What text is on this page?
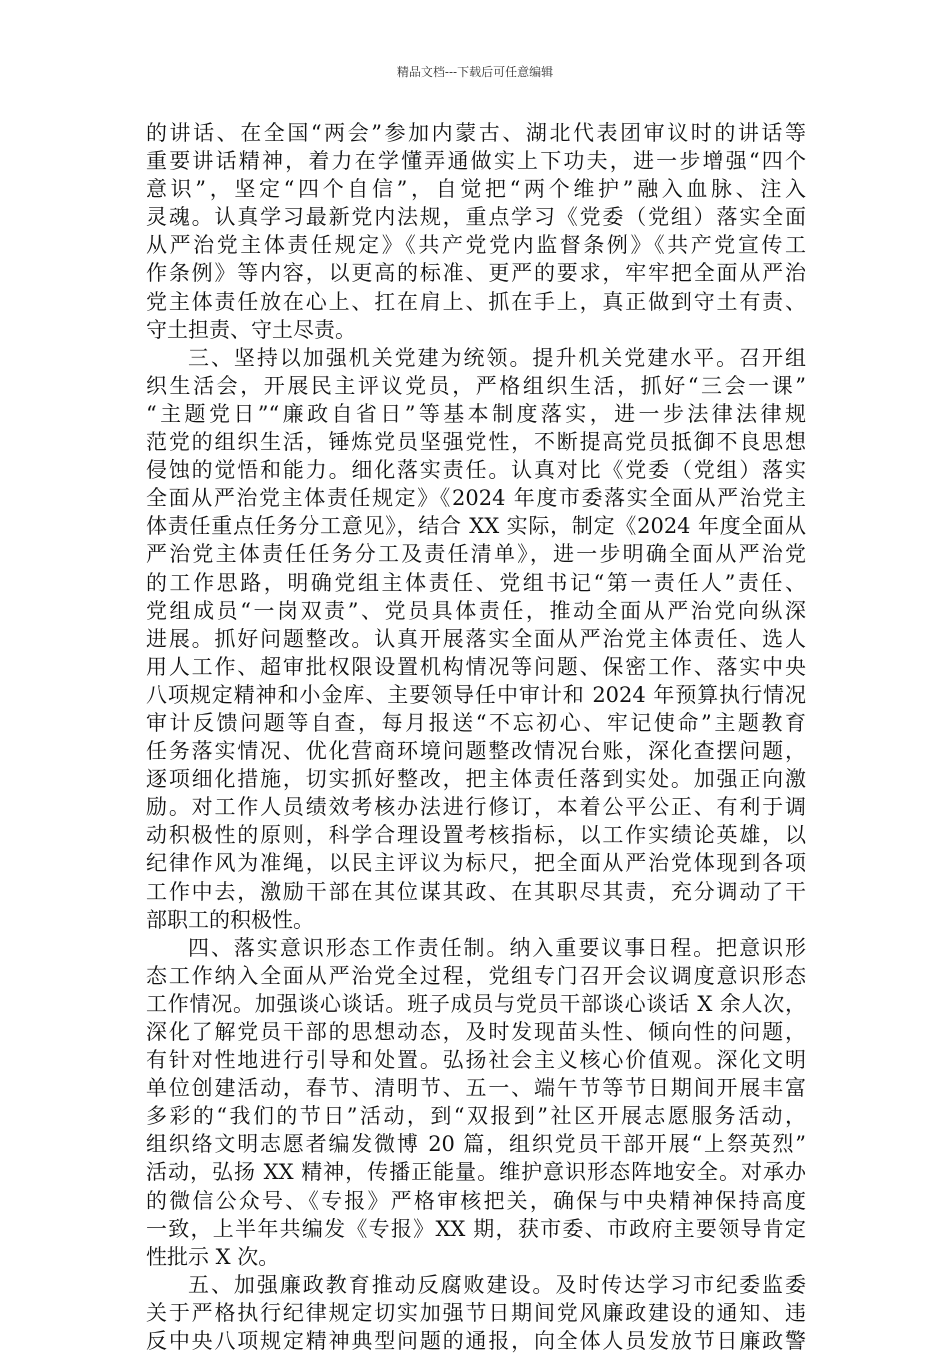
精品文档---下载后可任意编辑
的讲话、在全国“两会”参加内蒙古、湖北代表团审议时的讲话等
重要讲话精神，着力在学懂弄通做实上下功夫，进一步增强“四个
意识”，坚定“四个自信”，自觉把“两个维护”融入血脉、注入
灵魂。认真学习最新党内法规，重点学习《党委（党组）落实全面
从严治党主体责任规定》《共产党党内监督条例》《共产党宣传工
作条例》等内容，以更高的标准、更严的要求，牢牢把全面从严治
党主体责任放在心上、扛在肩上、抓在手上，真正做到守土有责、
守土担责、守土尽责。
三、坚持以加强机关党建为统领。提升机关党建水平。召开组
织生活会，开展民主评议党员，严格组织生活，抓好“三会一课”
“主题党日”“廉政自省日”等基本制度落实，进一步法律法律规
范党的组织生活，锤炼党员坚强党性，不断提高党员抵御不良思想
侵蚀的觉悟和能力。细化落实责任。认真对比《党委（党组）落实
全面从严治党主体责任规定》《2024 年度市委落实全面从严治党主
体责任重点任务分工意见》，结合 XX 实际，制定《2024 年度全面从
严治党主体责任任务分工及责任清单》，进一步明确全面从严治党
的工作思路，明确党组主体责任、党组书记“第一责任人”责任、
党组成员“一岗双责”、党员具体责任，推动全面从严治党向纵深
进展。抓好问题整改。认真开展落实全面从严治党主体责任、选人
用人工作、超审批权限设置机构情况等问题、保密工作、落实中央
八项规定精神和小金库、主要领导任中审计和 2024 年预算执行情况
审计反馈问题等自查，每月报送“不忘初心、牢记使命”主题教育
任务落实情况、优化营商环境问题整改情况台账，深化查摆问题，
逐项细化措施，切实抓好整改，把主体责任落到实处。加强正向激
励。对工作人员绩效考核办法进行修订，本着公平公正、有利于调
动积极性的原则，科学合理设置考核指标，以工作实绩论英雄，以
纪律作风为准绳，以民主评议为标尺，把全面从严治党体现到各项
工作中去，激励干部在其位谋其政、在其职尽其责，充分调动了干
部职工的积极性。
四、落实意识形态工作责任制。纳入重要议事日程。把意识形
态工作纳入全面从严治党全过程，党组专门召开会议调度意识形态
工作情况。加强谈心谈话。班子成员与党员干部谈心谈话 X 余人次，
深化了解党员干部的思想动态，及时发现苗头性、倾向性的问题，
有针对性地进行引导和处置。弘扬社会主义核心价值观。深化文明
单位创建活动，春节、清明节、五一、端午节等节日期间开展丰富
多彩的“我们的节日”活动，到“双报到”社区开展志愿服务活动，
组织络文明志愿者编发微博 20 篇，组织党员干部开展“上祭英烈”
活动，弘扬 XX 精神，传播正能量。维护意识形态阵地安全。对承办
的微信公众号、《专报》严格审核把关，确保与中央精神保持高度
一致，上半年共编发《专报》XX 期，获市委、市政府主要领导肯定
性批示 X 次。
五、加强廉政教育推动反腐败建设。及时传达学习市纪委监委
关于严格执行纪律规定切实加强节日期间党风廉政建设的通知、违
反中央八项规定精神典型问题的通报，向全体人员发放节日廉政警
